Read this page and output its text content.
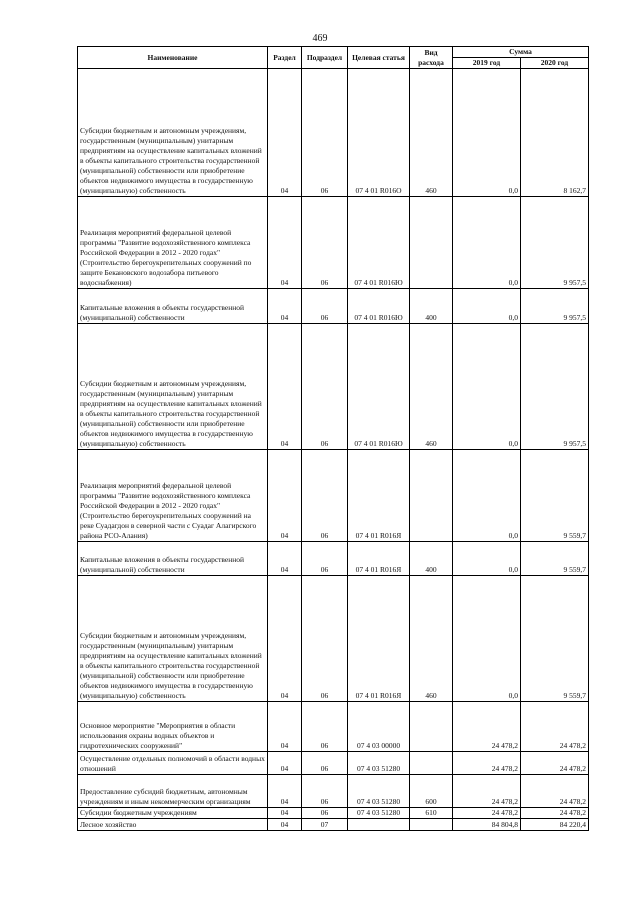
469
Наименование	Раздел	Подраздел	Целевая статья	Вид расхода	Сумма	
					2019 год	2020 год
Субсидии бюджетным и автономным учреждениям, государственным (муниципальным) унитарным предприятиям на осуществление капитальных вложений в объекты капитального строительства государственной (муниципальной) собственности или приобретение объектов недвижимого имущества в государственную (муниципальную) собственность	04	06	07 4 01 R016О	460	0,0	8 162,7
Реализация мероприятий федеральной целевой программы "Развитие водохозяйственного комплекса Российской Федерации в 2012 - 2020 годах" (Строительство берегоукрепительных сооружений по защите Бекановского водозабора питьевого водоснабжения)	04	06	07 4 01 R016Ю		0,0	9 957,5
Капитальные вложения в объекты государственной (муниципальной) собственности	04	06	07 4 01 R016Ю	400	0,0	9 957,5
Субсидии бюджетным и автономным учреждениям, государственным (муниципальным) унитарным предприятиям на осуществление капитальных вложений в объекты капитального строительства государственной (муниципальной) собственности или приобретение объектов недвижимого имущества в государственную (муниципальную) собственность	04	06	07 4 01 R016Ю	460	0,0	9 957,5
Реализация мероприятий федеральной целевой программы "Развитие водохозяйственного комплекса Российской Федерации в 2012 - 2020 годах" (Строительство берегоукрепительных сооружений на реке Суадагдон в северной части с Суадаг Алагирского района РСО-Алания)	04	06	07 4 01 R016Я		0,0	9 559,7
Капитальные вложения в объекты государственной (муниципальной) собственности	04	06	07 4 01 R016Я	400	0,0	9 559,7
Субсидии бюджетным и автономным учреждениям, государственным (муниципальным) унитарным предприятиям на осуществление капитальных вложений в объекты капитального строительства государственной (муниципальной) собственности или приобретение объектов недвижимого имущества в государственную (муниципальную) собственность	04	06	07 4 01 R016Я	460	0,0	9 559,7
Основное мероприятие "Мероприятия в области использования охраны водных объектов и гидротехнических сооружений"	04	06	07 4 03 00000		24 478,2	24 478,2
Осуществление отдельных полномочий в области водных отношений	04	06	07 4 03 51280		24 478,2	24 478,2
Предоставление субсидий бюджетным, автономным учреждениям и иным некоммерческим организациям	04	06	07 4 03 51280	600	24 478,2	24 478,2
Субсидии бюджетным учреждениям	04	06	07 4 03 51280	610	24 478,2	24 478,2
Лесное хозяйство	04	07			84 804,8	84 220,4
